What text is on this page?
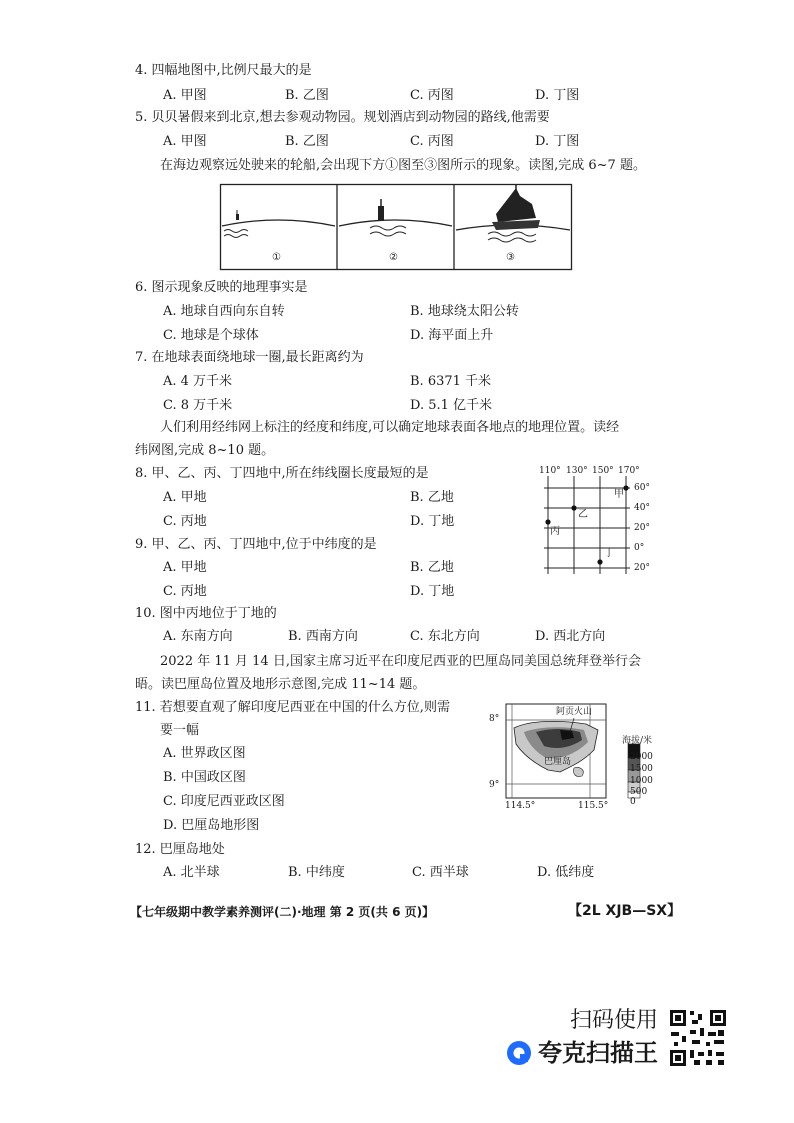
4. 四幅地图中,比例尺最大的是
A. 甲图	B. 乙图	C. 丙图	D. 丁图
5. 贝贝暑假来到北京,想去参观动物园。规划酒店到动物园的路线,他需要
A. 甲图	B. 乙图	C. 丙图	D. 丁图
在海边观察远处驶来的轮船,会出现下方①图至③图所示的现象。读图,完成 6~7 题。
①	②	③
6. 图示现象反映的地理事实是
A. 地球自西向东自转	B. 地球绕太阳公转
C. 地球是个球体	D. 海平面上升
7. 在地球表面绕地球一圈,最长距离约为
A. 4 万千米	B. 6371 千米
C. 8 万千米	D. 5.1 亿千米
人们利用经纬网上标注的经度和纬度,可以确定地球表面各地点的地理位置。读经
纬网图,完成 8~10 题。
8. 甲、乙、丙、丁四地中,所在纬线圈长度最短的是
A. 甲地	B. 乙地
C. 丙地	D. 丁地
9. 甲、乙、丙、丁四地中,位于中纬度的是
A. 甲地	B. 乙地
C. 丙地	D. 丁地
110° 130° 150° 170°
60°
40°
20°
0°
20°
甲
乙
丙
丁
10. 图中丙地位于丁地的
A. 东南方向	B. 西南方向	C. 东北方向	D. 西北方向
2022 年 11 月 14 日,国家主席习近平在印度尼西亚的巴厘岛同美国总统拜登举行会
晤。读巴厘岛位置及地形示意图,完成 11~14 题。
11. 若想要直观了解印度尼西亚在中国的什么方位,则需
要一幅
A. 世界政区图
B. 中国政区图
C. 印度尼西亚政区图
D. 巴厘岛地形图
8°
9°
114.5°	115.5°
阿贡火山
巴厘岛
海拔/米
2000
1500
1000
500
0
12. 巴厘岛地处
A. 北半球	B. 中纬度	C. 西半球	D. 低纬度
【七年级期中教学素养测评(二)·地理 第 2 页(共 6 页)】	【2L XJB—SX】
扫码使用
夸克扫描王
